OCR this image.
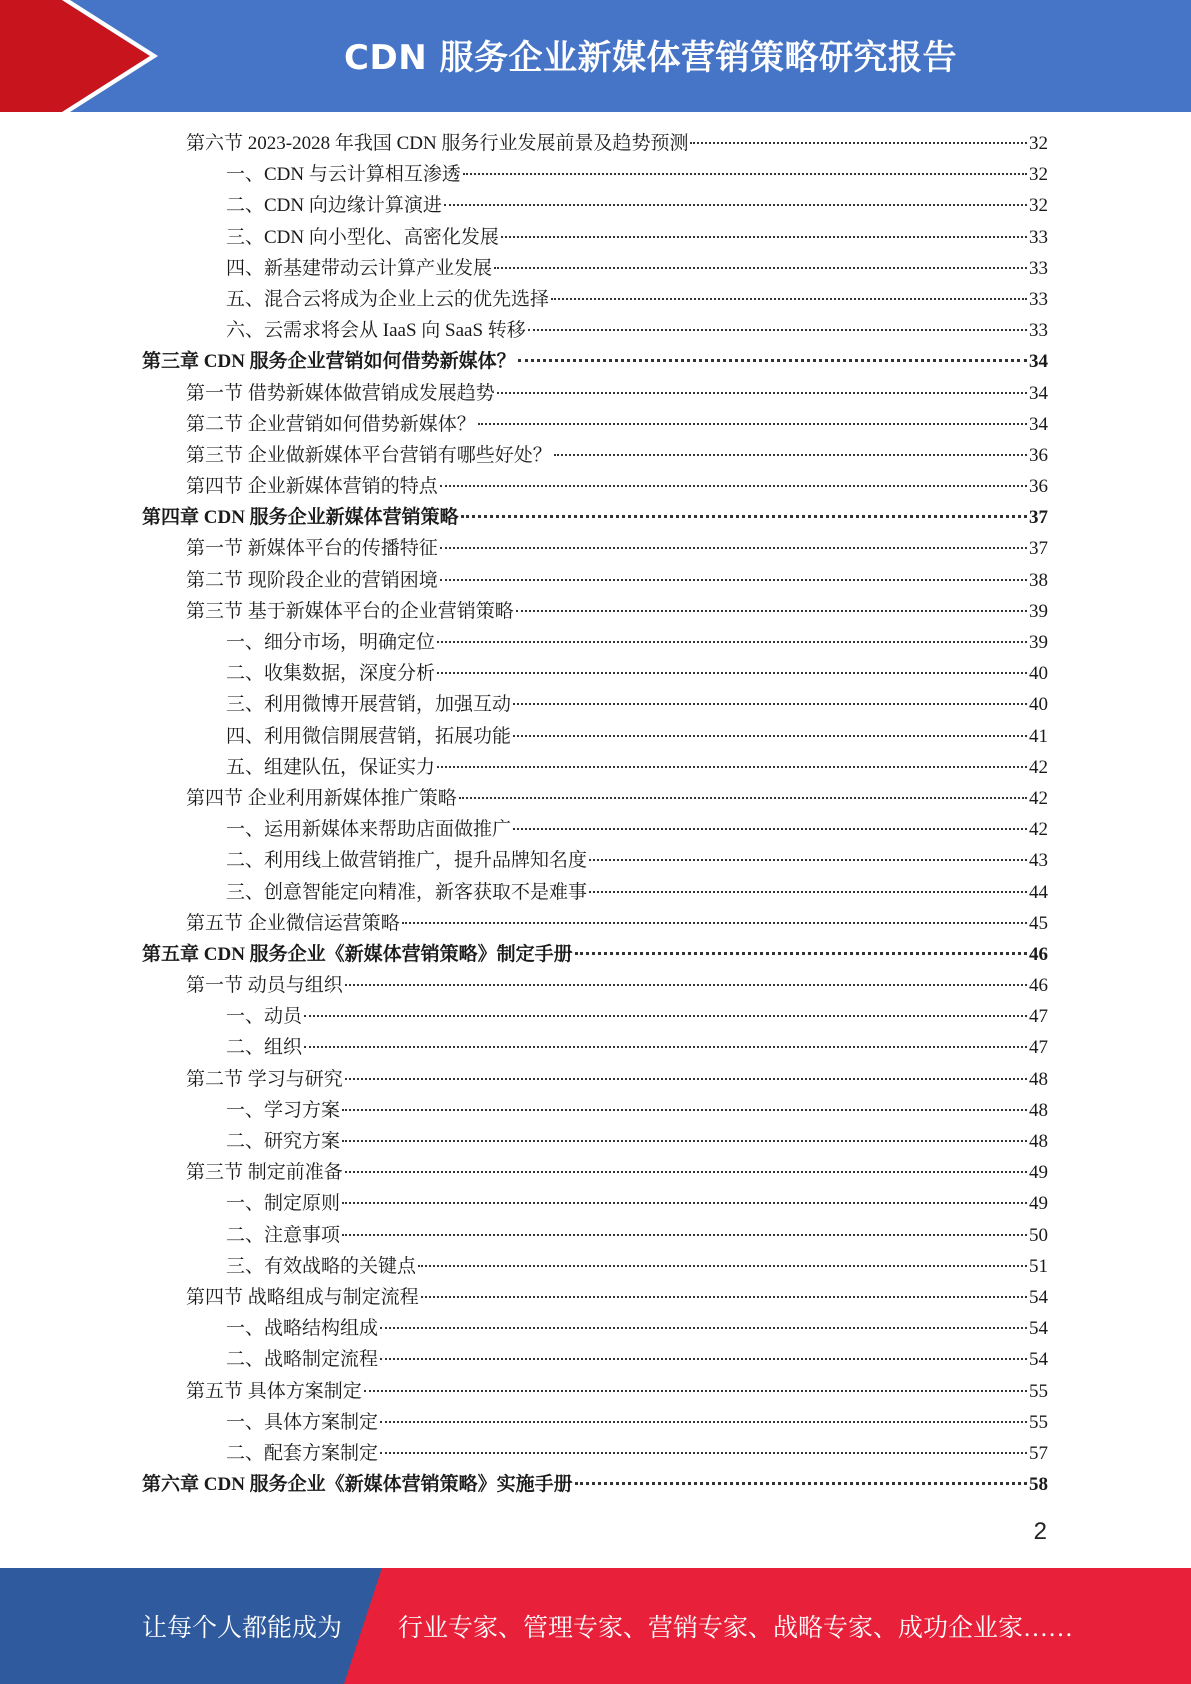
CDN 服务企业新媒体营销策略研究报告
第六节 2023-2028 年我国 CDN 服务行业发展前景及趋势预测	32
一、CDN 与云计算相互渗透	32
二、CDN 向边缘计算演进	32
三、CDN 向小型化、高密化发展	33
四、新基建带动云计算产业发展	33
五、混合云将成为企业上云的优先选择	33
六、云需求将会从 IaaS 向 SaaS 转移	33
第三章 CDN 服务企业营销如何借势新媒体？	34
第一节 借势新媒体做营销成发展趋势	34
第二节 企业营销如何借势新媒体？	34
第三节 企业做新媒体平台营销有哪些好处？	36
第四节 企业新媒体营销的特点	36
第四章 CDN 服务企业新媒体营销策略	37
第一节 新媒体平台的传播特征	37
第二节 现阶段企业的营销困境	38
第三节 基于新媒体平台的企业营销策略	39
一、细分市场，明确定位	39
二、收集数据，深度分析	40
三、利用微博开展营销，加强互动	40
四、利用微信開展营销，拓展功能	41
五、组建队伍，保证实力	42
第四节 企业利用新媒体推广策略	42
一、运用新媒体来帮助店面做推广	42
二、利用线上做营销推广，提升品牌知名度	43
三、创意智能定向精准，新客获取不是难事	44
第五节 企业微信运营策略	45
第五章 CDN 服务企业《新媒体营销策略》制定手册	46
第一节 动员与组织	46
一、动员	47
二、组织	47
第二节 学习与研究	48
一、学习方案	48
二、研究方案	48
第三节 制定前准备	49
一、制定原则	49
二、注意事项	50
三、有效战略的关键点	51
第四节 战略组成与制定流程	54
一、战略结构组成	54
二、战略制定流程	54
第五节 具体方案制定	55
一、具体方案制定	55
二、配套方案制定	57
第六章 CDN 服务企业《新媒体营销策略》实施手册	58
2
让每个人都能成为 行业专家、管理专家、营销专家、战略专家、成功企业家……
